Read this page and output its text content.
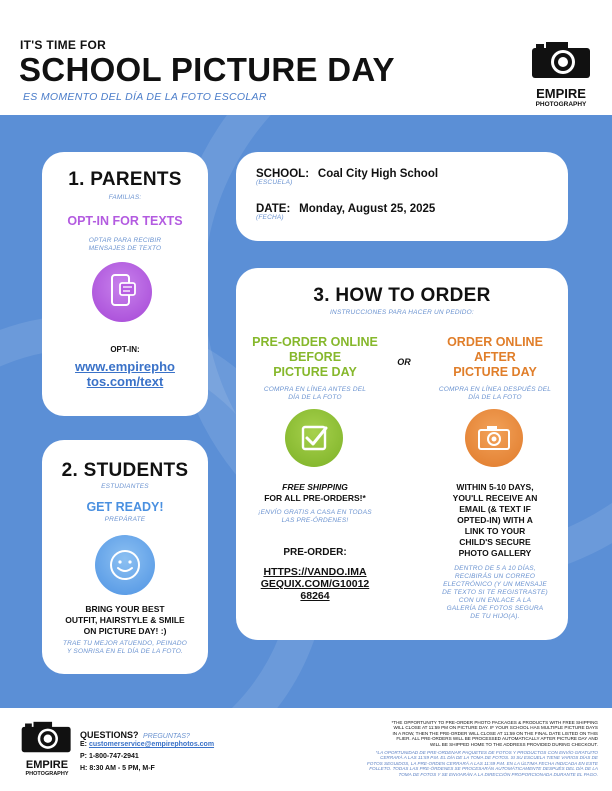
IT'S TIME FOR
SCHOOL PICTURE DAY
ES MOMENTO DEL DÍA DE LA FOTO ESCOLAR	EMPIRE
PHOTOGRAPHY
1. PARENTS
FAMILIAS:
OPT-IN FOR TEXTS
OPTAR PARA RECIBIR
MENSAJES DE TEXTO
OPT-IN:
www.empirepho
tos.com/text
2. STUDENTS
ESTUDIANTES
GET READY!
PREPÁRATE
BRING YOUR BEST
OUTFIT, HAIRSTYLE & SMILE
ON PICTURE DAY! :)
TRAE TU MEJOR ATUENDO, PEINADO
Y SONRISA EN EL DÍA DE LA FOTO.
SCHOOL: Coal City High School
(ESCUELA)
DATE: Monday, August 25, 2025
(FECHA)
3. HOW TO ORDER
INSTRUCCIONES PARA HACER UN PEDIDO:
PRE-ORDER ONLINE
BEFORE
PICTURE DAY
COMPRA EN LÍNEA ANTES DEL
DÍA DE LA FOTO
FREE SHIPPING
FOR ALL PRE-ORDERS!*
¡ENVÍO GRATIS A CASA EN TODAS
LAS PRE-ÓRDENES!
PRE-ORDER:
HTTPS://VANDO.IMA
GEQUIX.COM/G10012
68264
OR
ORDER ONLINE
AFTER
PICTURE DAY
COMPRA EN LÍNEA DESPUÉS DEL
DÍA DE LA FOTO
WITHIN 5-10 DAYS,
YOU'LL RECEIVE AN
EMAIL (& TEXT IF
OPTED-IN) WITH A
LINK TO YOUR
CHILD'S SECURE
PHOTO GALLERY
DENTRO DE 5 A 10 DÍAS,
RECIBIRÁS UN CORREO
ELECTRÓNICO (Y UN MENSAJE
DE TEXTO SI TE REGISTRASTE)
CON UN ENLACE A LA
GALERÍA DE FOTOS SEGURA
DE TU HIJO(A).
EMPIRE
PHOTOGRAPHY
QUESTIONS? PREGUNTAS?
E: customerservice@empirephotos.com
P: 1-800-747-2941
H: 8:30 AM - 5 PM, M-F
*THE OPPORTUNITY TO PRE-ORDER PHOTO PACKAGES & PRODUCTS WITH FREE SHIPPING
WILL CLOSE AT 11:59 PM ON PICTURE DAY. IF YOUR SCHOOL HAS MULTIPLE PICTURE DAYS
IN A ROW, THEN THE PRE-ORDER WILL CLOSE AT 11:59 ON THE FINAL DATE LISTED ON THIS
FLIER. ALL PRE-ORDERS WILL BE PROCESSED AUTOMATICALLY AFTER PICTURE DAY AND
WILL BE SHIPPED HOME TO THE ADDRESS PROVIDED DURING CHECKOUT.
*LA OPORTUNIDAD DE PRE-ORDENAR PAQUETES DE FOTOS Y PRODUCTOS CON ENVÍO GRATUITO
CERRARÁ A LAS 11:59 P.M. EL DÍA DE LA TOMA DE FOTOS. SI SU ESCUELA TIENE VARIOS DÍAS DE
FOTOS SEGUIDOS, LA PRE-ORDEN CERRARÁ A LAS 11:59 P.M. EN LA ÚLTIMA FECHA INDICADA EN ESTE
FOLLETO. TODAS LAS PRE-ÓRDENES SE PROCESARÁN AUTOMÁTICAMENTE DESPUÉS DEL DÍA DE LA
TOMA DE FOTOS Y SE ENVIARÁN A LA DIRECCIÓN PROPORCIONADA DURANTE EL PAGO.
